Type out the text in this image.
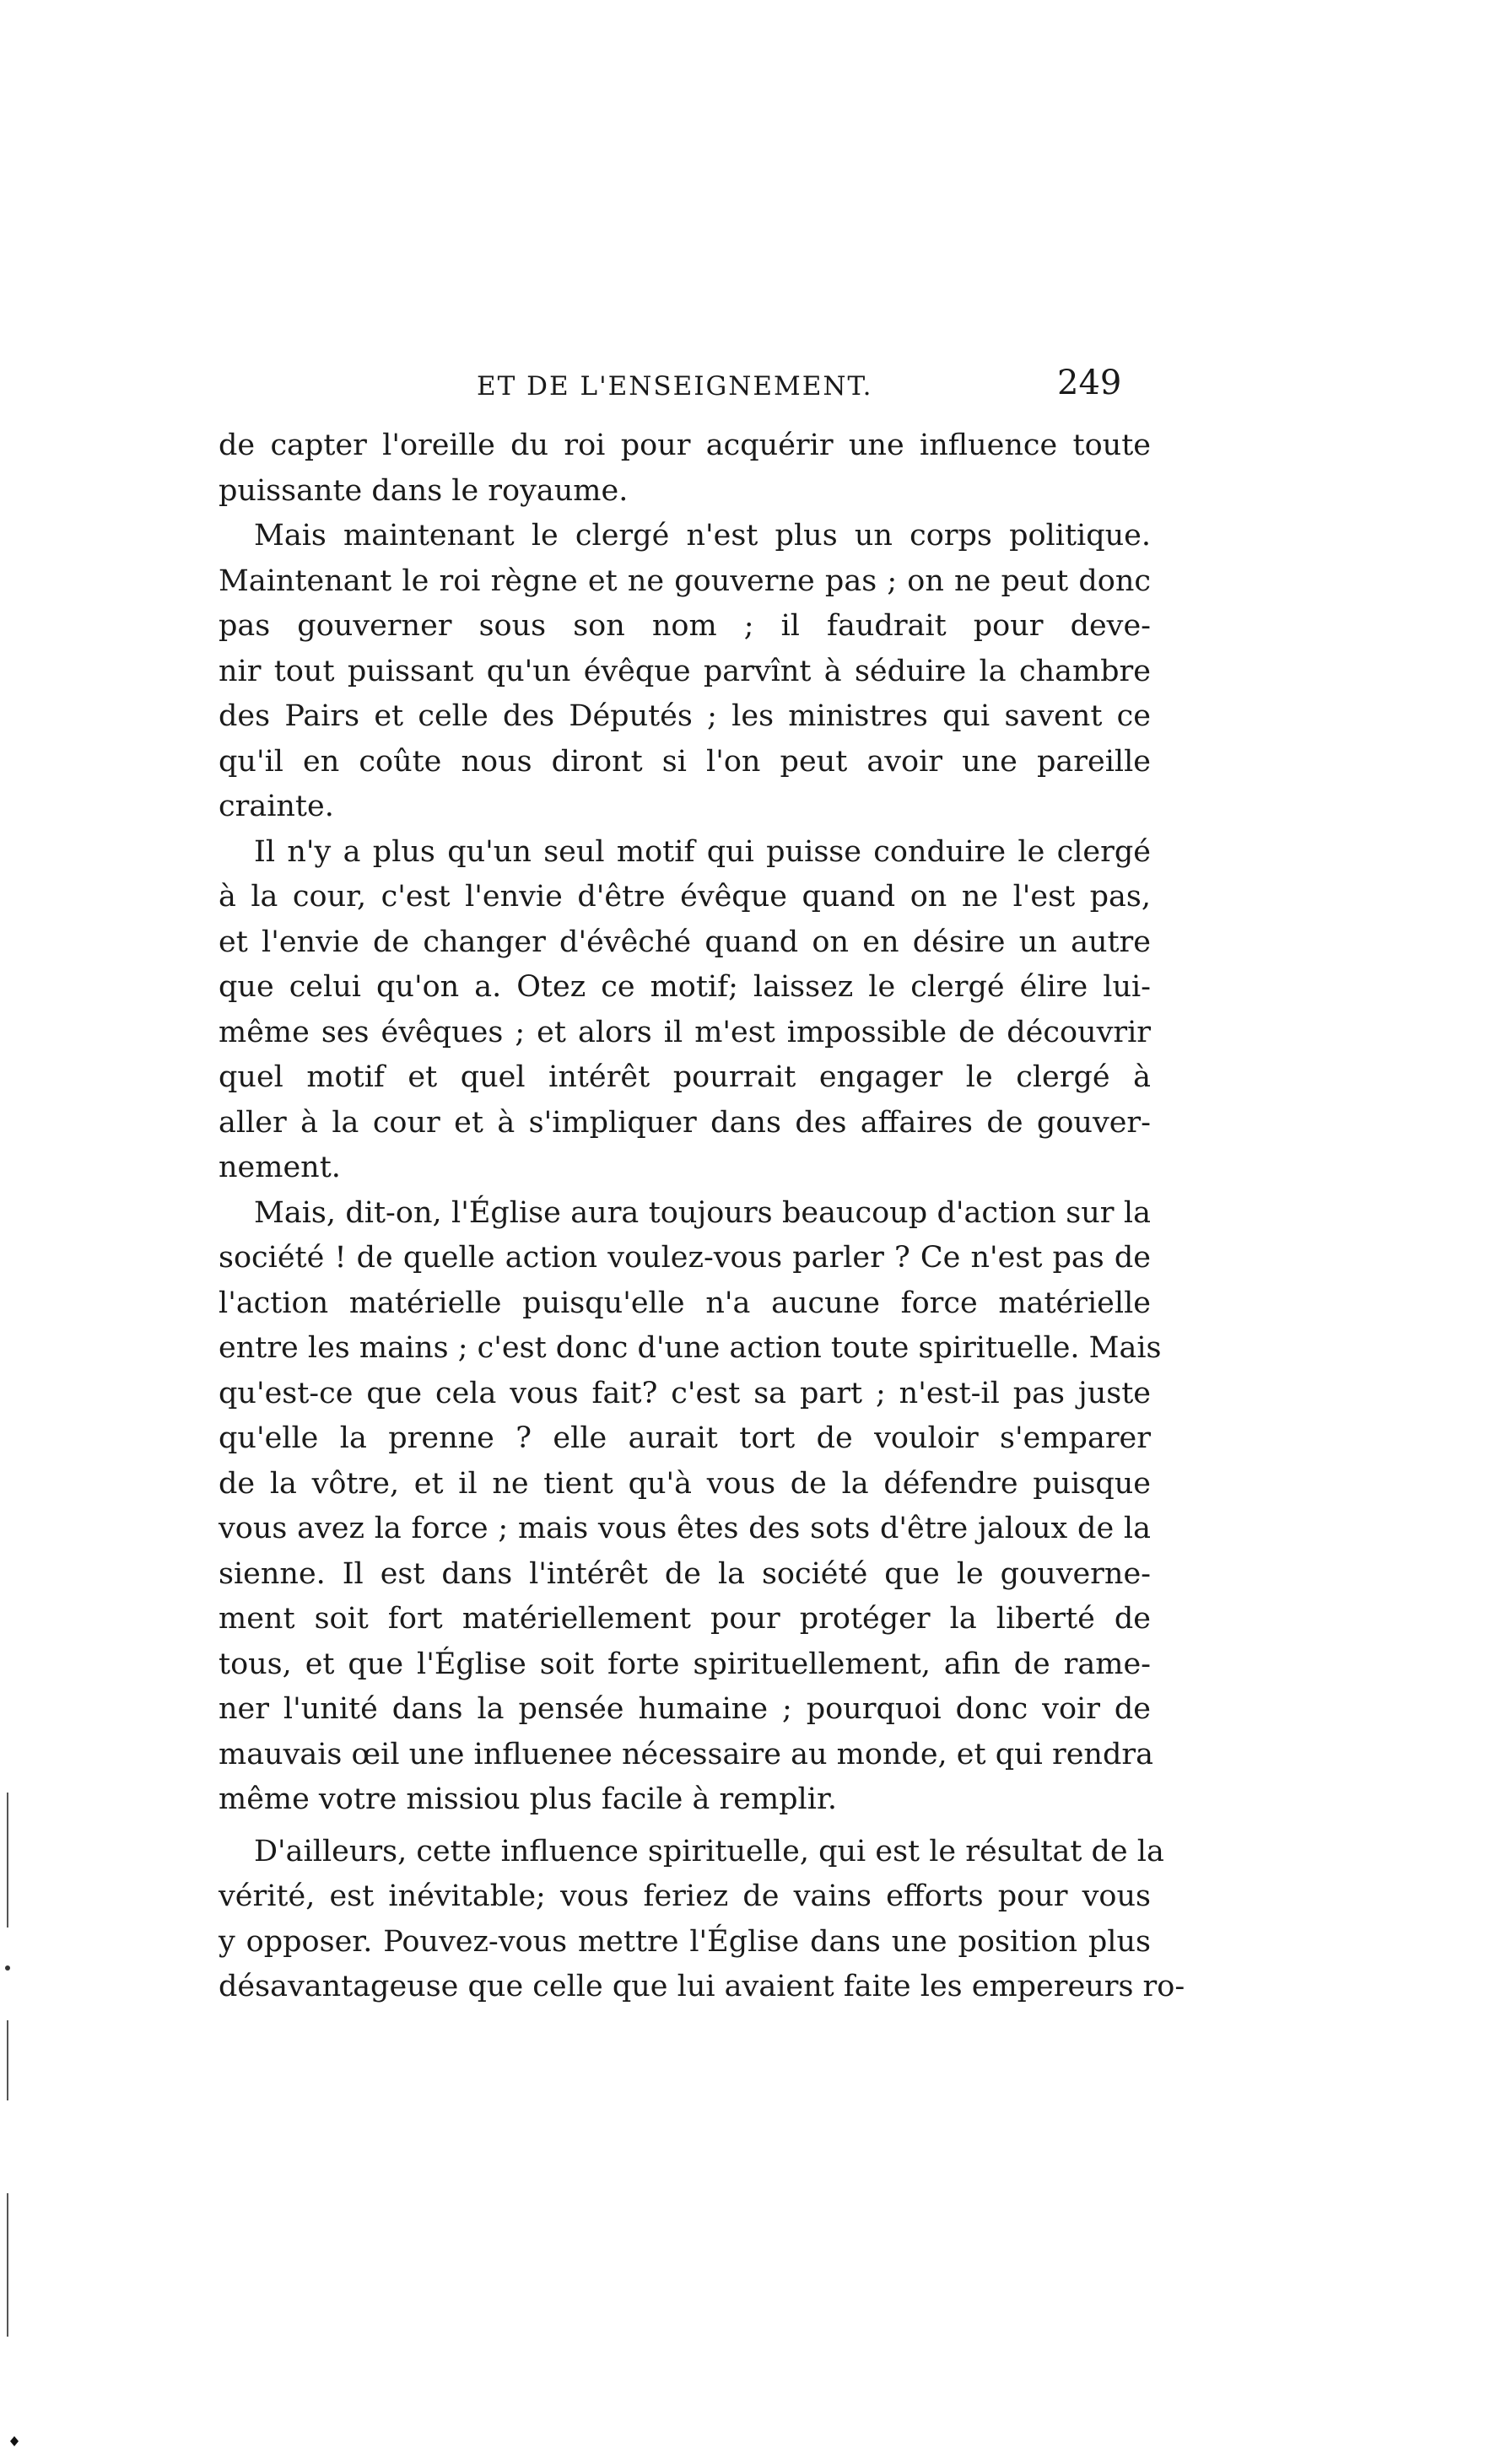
ET DE L'ENSEIGNEMENT.	249
de capter l'oreille du roi pour acquérir une influence toute
puissante dans le royaume.
Mais maintenant le clergé n'est plus un corps politique.
Maintenant le roi règne et ne gouverne pas ; on ne peut donc
pas gouverner sous son nom ; il faudrait pour deve-
nir tout puissant qu'un évêque parvînt à séduire la chambre
des Pairs et celle des Députés ; les ministres qui savent ce
qu'il en coûte nous diront si l'on peut avoir une pareille
crainte.
Il n'y a plus qu'un seul motif qui puisse conduire le clergé
à la cour, c'est l'envie d'être évêque quand on ne l'est pas,
et l'envie de changer d'évêché quand on en désire un autre
que celui qu'on a. Otez ce motif; laissez le clergé élire lui-
même ses évêques ; et alors il m'est impossible de découvrir
quel motif et quel intérêt pourrait engager le clergé à
aller à la cour et à s'impliquer dans des affaires de gouver-
nement.
Mais, dit-on, l'Église aura toujours beaucoup d'action sur la
société ! de quelle action voulez-vous parler ? Ce n'est pas de
l'action matérielle puisqu'elle n'a aucune force matérielle
entre les mains ; c'est donc d'une action toute spirituelle. Mais
qu'est-ce que cela vous fait? c'est sa part ; n'est-il pas juste
qu'elle la prenne ? elle aurait tort de vouloir s'emparer
de la vôtre, et il ne tient qu'à vous de la défendre puisque
vous avez la force ; mais vous êtes des sots d'être jaloux de la
sienne. Il est dans l'intérêt de la société que le gouverne-
ment soit fort matériellement pour protéger la liberté de
tous, et que l'Église soit forte spirituellement, afin de rame-
ner l'unité dans la pensée humaine ; pourquoi donc voir de
mauvais œil une influenee nécessaire au monde, et qui rendra
même votre missiou plus facile à remplir.
D'ailleurs, cette influence spirituelle, qui est le résultat de la
vérité, est inévitable; vous feriez de vains efforts pour vous
y opposer. Pouvez-vous mettre l'Église dans une position plus
désavantageuse que celle que lui avaient faite les empereurs ro-
